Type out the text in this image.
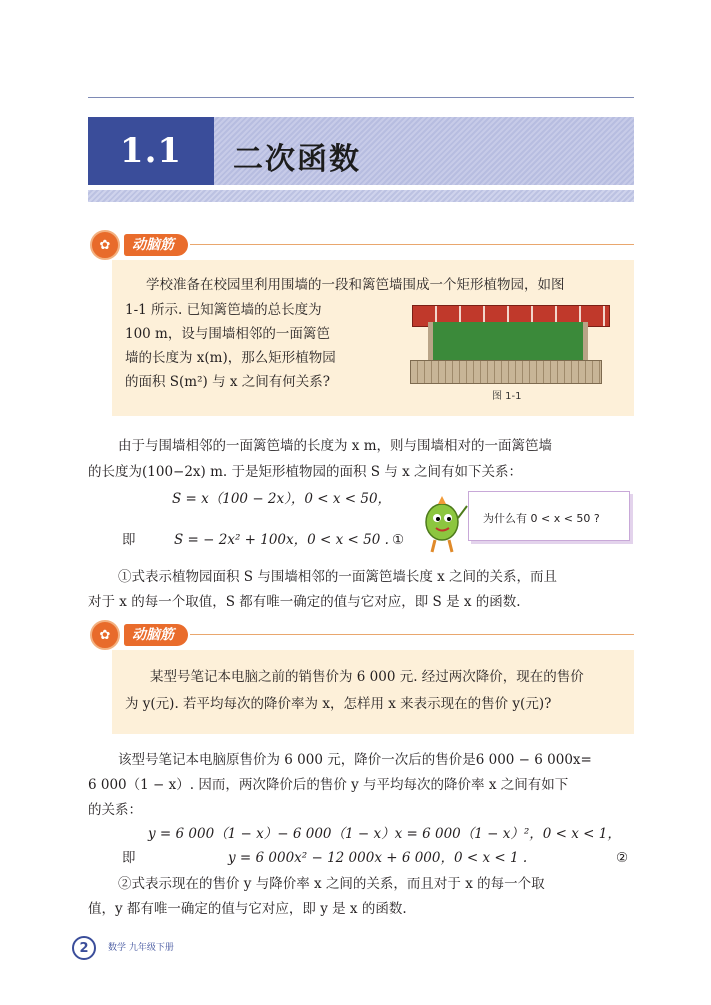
1.1	二次函数
✿	动脑筋
学校准备在校园里利用围墙的一段和篱笆墙围成一个矩形植物园，如图
1-1 所示. 已知篱笆墙的总长度为
100 m，设与围墙相邻的一面篱笆
墙的长度为 x(m)，那么矩形植物园
的面积 S(m²) 与 x 之间有何关系?
图 1-1
由于与围墙相邻的一面篱笆墙的长度为 x m，则与围墙相对的一面篱笆墙
的长度为(100−2x) m. 于是矩形植物园的面积 S 与 x 之间有如下关系：
S = x（100 − 2x），0 < x < 50，
即	S = − 2x² + 100x，0 < x < 50 . ①
为什么有 0 < x < 50 ?
①式表示植物园面积 S 与围墙相邻的一面篱笆墙长度 x 之间的关系，而且
对于 x 的每一个取值，S 都有唯一确定的值与它对应，即 S 是 x 的函数.
✿	动脑筋
某型号笔记本电脑之前的销售价为 6 000 元. 经过两次降价，现在的售价
为 y(元). 若平均每次的降价率为 x，怎样用 x 来表示现在的售价 y(元)?
该型号笔记本电脑原售价为 6 000 元，降价一次后的售价是6 000 − 6 000x=
6 000（1 − x）. 因而，两次降价后的售价 y 与平均每次的降价率 x 之间有如下
的关系：
y = 6 000（1 − x）− 6 000（1 − x）x = 6 000（1 − x）²，0 < x < 1，
即	y = 6 000x² − 12 000x + 6 000，0 < x < 1 .	②
②式表示现在的售价 y 与降价率 x 之间的关系，而且对于 x 的每一个取
值，y 都有唯一确定的值与它对应，即 y 是 x 的函数.
2	数学 九年级下册
